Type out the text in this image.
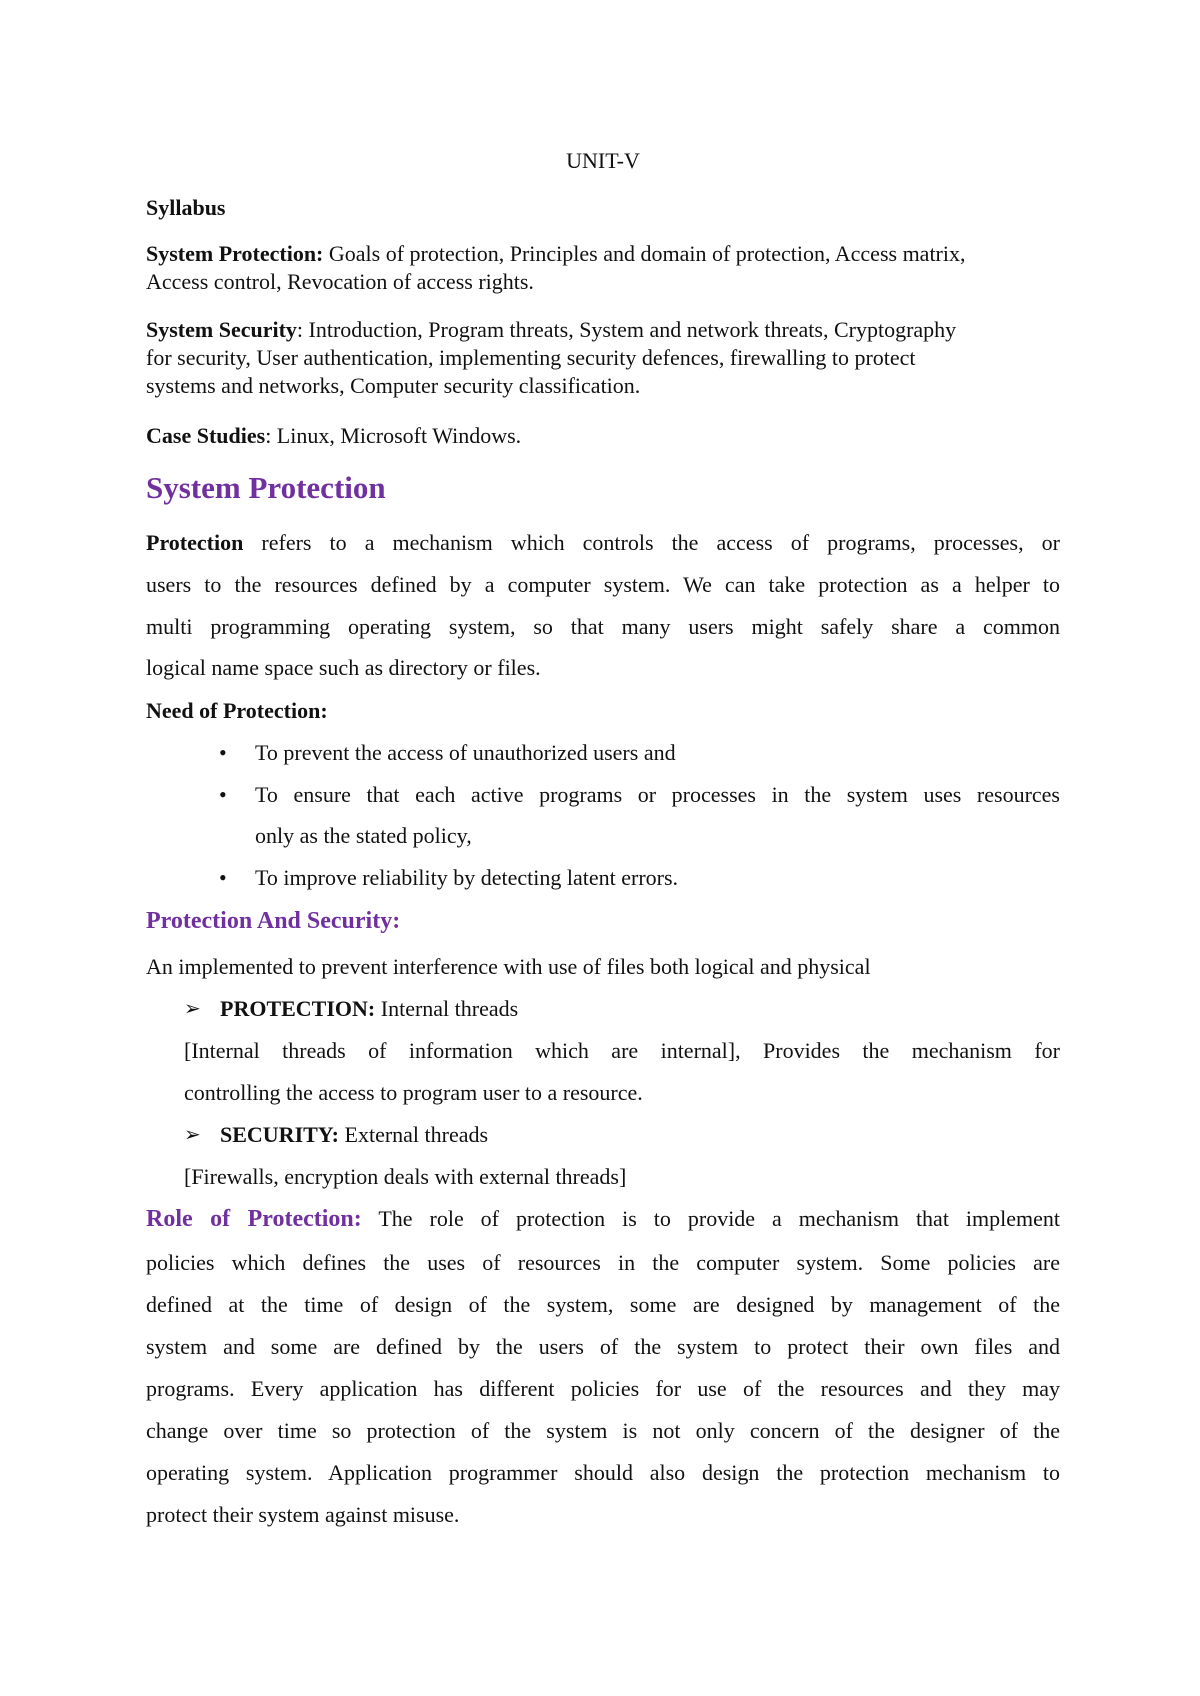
UNIT-V
Syllabus
System Protection: Goals of protection, Principles and domain of protection, Access matrix,
Access control, Revocation of access rights.
System Security: Introduction, Program threats, System and network threats, Cryptography
for security, User authentication, implementing security defences, firewalling to protect
systems and networks, Computer security classification.
Case Studies: Linux, Microsoft Windows.
System Protection
Protection refers to a mechanism which controls the access of programs, processes, or
users to the resources defined by a computer system. We can take protection as a helper to
multi programming operating system, so that many users might safely share a common
logical name space such as directory or files.
Need of Protection:
• To prevent the access of unauthorized users and
• To ensure that each active programs or processes in the system uses resources
only as the stated policy,
• To improve reliability by detecting latent errors.
Protection And Security:
An implemented to prevent interference with use of files both logical and physical
➢ PROTECTION: Internal threads
[Internal threads of information which are internal], Provides the mechanism for
controlling the access to program user to a resource.
➢ SECURITY: External threads
[Firewalls, encryption deals with external threads]
Role of Protection: The role of protection is to provide a mechanism that implement
policies which defines the uses of resources in the computer system. Some policies are
defined at the time of design of the system, some are designed by management of the
system and some are defined by the users of the system to protect their own files and
programs. Every application has different policies for use of the resources and they may
change over time so protection of the system is not only concern of the designer of the
operating system. Application programmer should also design the protection mechanism to
protect their system against misuse.
